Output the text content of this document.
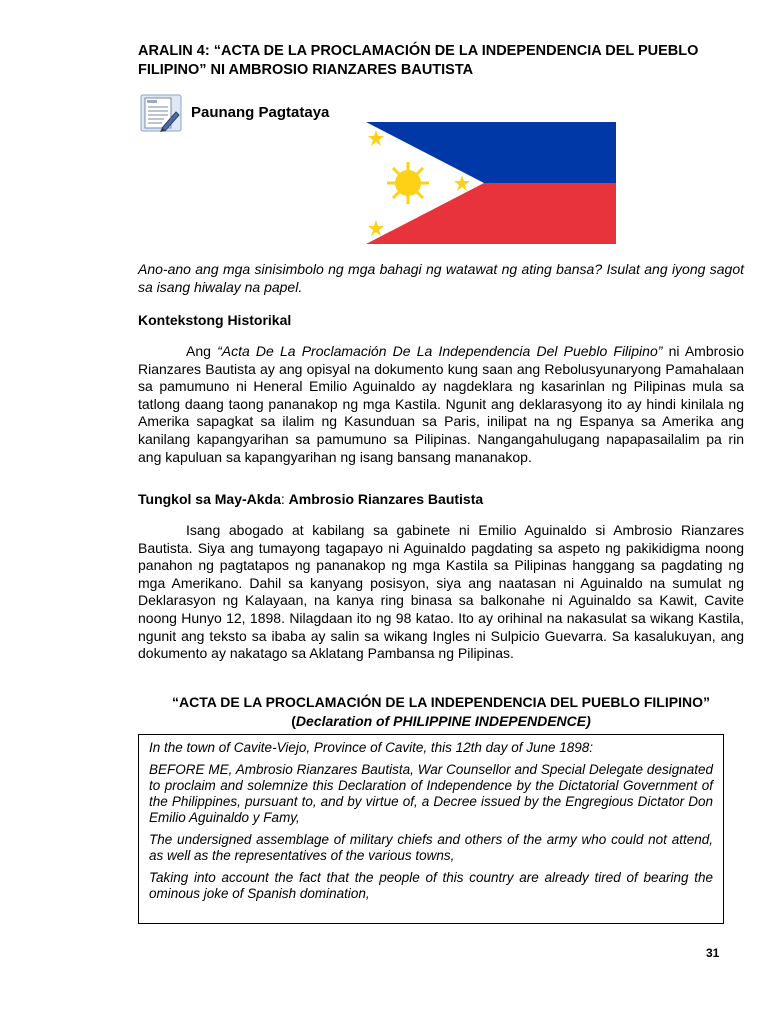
ARALIN 4: “ACTA DE LA PROCLAMACIÓN DE LA INDEPENDENCIA DEL PUEBLO FILIPINO” NI AMBROSIO RIANZARES BAUTISTA
Paunang Pagtataya

Ano-ano ang mga sinisimbolo ng mga bahagi ng watawat ng ating bansa? Isulat ang iyong sagot sa isang hiwalay na papel.

Kontekstong Historikal

Ang “Acta De La Proclamación De La Independencia Del Pueblo Filipino” ni Ambrosio Rianzares Bautista ay ang opisyal na dokumento kung saan ang Rebolusyunaryong Pamahalaan sa pamumuno ni Heneral Emilio Aguinaldo ay nagdeklara ng kasarinlan ng Pilipinas mula sa tatlong daang taong pananakop ng mga Kastila. Ngunit ang deklarasyong ito ay hindi kinilala ng Amerika sapagkat sa ilalim ng Kasunduan sa Paris, inilipat na ng Espanya sa Amerika ang kanilang kapangyarihan sa pamumuno sa Pilipinas. Nangangahulugang napapasailalim pa rin ang kapuluan sa kapangyarihan ng isang bansang mananakop.

Tungkol sa May-Akda: Ambrosio Rianzares Bautista

Isang abogado at kabilang sa gabinete ni Emilio Aguinaldo si Ambrosio Rianzares Bautista. Siya ang tumayong tagapayo ni Aguinaldo pagdating sa aspeto ng pakikidigma noong panahon ng pagtatapos ng pananakop ng mga Kastila sa Pilipinas hanggang sa pagdating ng mga Amerikano. Dahil sa kanyang posisyon, siya ang naatasan ni Aguinaldo na sumulat ng Deklarasyon ng Kalayaan, na kanya ring binasa sa balkonahe ni Aguinaldo sa Kawit, Cavite noong Hunyo 12, 1898. Nilagdaan ito ng 98 katao. Ito ay orihinal na nakasulat sa wikang Kastila, ngunit ang teksto sa ibaba ay salin sa wikang Ingles ni Sulpicio Guevarra. Sa kasalukuyan, ang dokumento ay nakatago sa Aklatang Pambansa ng Pilipinas.

“ACTA DE LA PROCLAMACIÓN DE LA INDEPENDENCIA DEL PUEBLO FILIPINO”
(Declaration of PHILIPPINE INDEPENDENCE)

In the town of Cavite-Viejo, Province of Cavite, this 12th day of June 1898:

BEFORE ME, Ambrosio Rianzares Bautista, War Counsellor and Special Delegate designated to proclaim and solemnize this Declaration of Independence by the Dictatorial Government of the Philippines, pursuant to, and by virtue of, a Decree issued by the Engregious Dictator Don Emilio Aguinaldo y Famy,

The undersigned assemblage of military chiefs and others of the army who could not attend, as well as the representatives of the various towns,

Taking into account the fact that the people of this country are already tired of bearing the ominous joke of Spanish domination,

31
